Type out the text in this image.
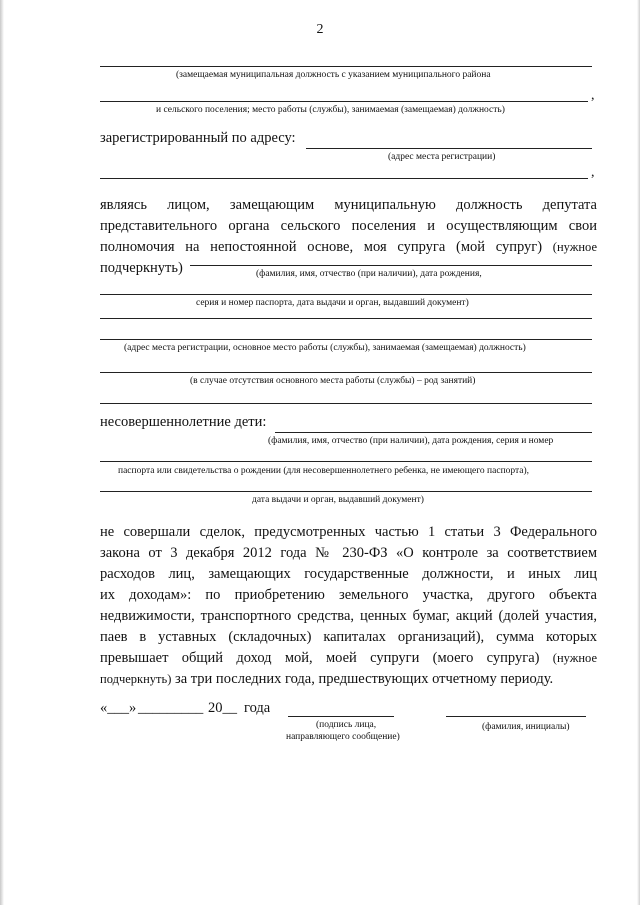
2
(замещаемая муниципальная должность с указанием муниципального района
,
и сельского поселения; место работы (службы), занимаемая (замещаемая) должность)
зарегистрированный по адресу:
(адрес места регистрации)
,
являясь лицом, замещающим муниципальную должность депутата
представительного органа сельского поселения и осуществляющим свои
полномочия на непостоянной основе, моя супруга (мой супруг) (нужное
подчеркнуть)	(фамилия, имя, отчество (при наличии), дата рождения,
серия и номер паспорта, дата выдачи и орган, выдавший документ)
(адрес места регистрации, основное место работы (службы), занимаемая (замещаемая) должность)
(в случае отсутствия основного места работы (службы) – род занятий)
несовершеннолетние дети:
(фамилия, имя, отчество (при наличии), дата рождения, серия и номер
паспорта или свидетельства о рождении (для несовершеннолетнего ребенка, не имеющего паспорта),
дата выдачи и орган, выдавший документ)
не совершали сделок, предусмотренных частью 1 статьи 3 Федерального
закона от 3 декабря 2012 года № 230-ФЗ «О контроле за соответствием
расходов лиц, замещающих государственные должности, и иных лиц
их доходам»: по приобретению земельного участка, другого объекта
недвижимости, транспортного средства, ценных бумаг, акций (долей участия,
паев в уставных (складочных) капиталах организаций), сумма которых
превышает общий доход мой, моей супруги (моего супруга) (нужное
подчеркнуть) за три последних года, предшествующих отчетному периоду.
«___» _________ 20__ года
(подпись лица,
направляющего сообщение)
(фамилия, инициалы)
